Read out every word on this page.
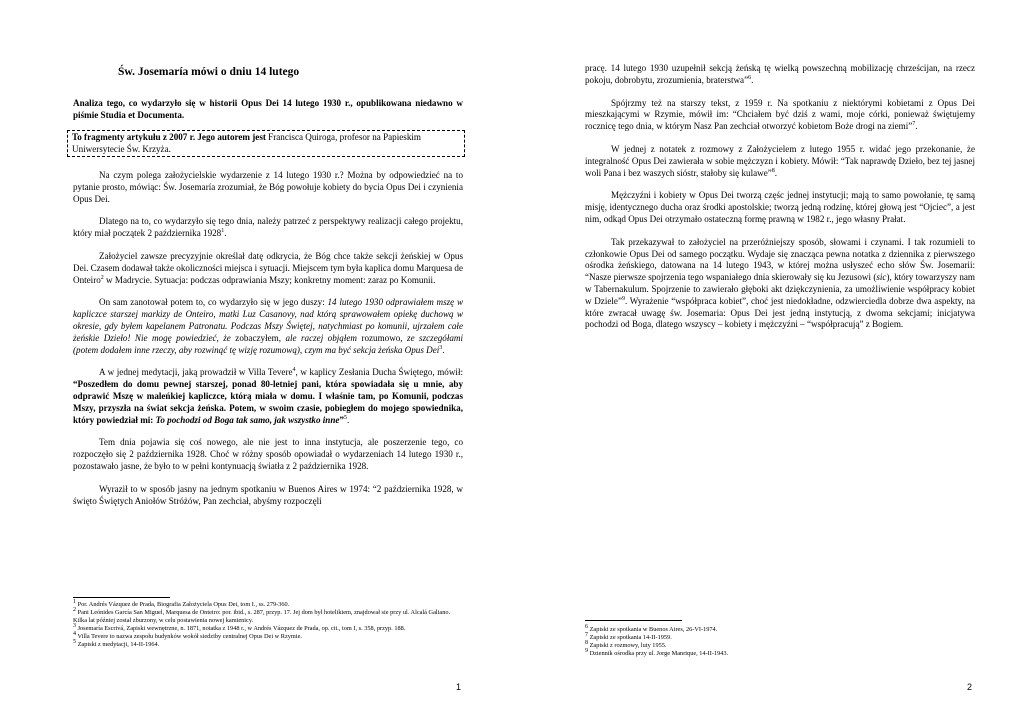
Św. Josemaría mówi o dniu 14 lutego
Analiza tego, co wydarzyło się w historii Opus Dei 14 lutego 1930 r., opublikowana niedawno w piśmie Studia et Documenta.
To fragmenty artykułu z 2007 r. Jego autorem jest Francisca Quiroga, profesor na Papieskim Uniwersytecie Św. Krzyża.

Na czym polega założycielskie wydarzenie z 14 lutego 1930 r.? Można by odpowiedzieć na to pytanie prosto, mówiąc: Św. Josemaría zrozumiał, że Bóg powołuje kobiety do bycia Opus Dei i czynienia Opus Dei.

Dlatego na to, co wydarzyło się tego dnia, należy patrzeć z perspektywy realizacji całego projektu, który miał początek 2 października 1928$^1$.

Założyciel zawsze precyzyjnie określał datę odkrycia, że Bóg chce także sekcji żeńskiej w Opus Dei. Czasem dodawał także okoliczności miejsca i sytuacji. Miejscem tym była kaplica domu Marquesa de Onteiro$^2$ w Madrycie. Sytuacja: podczas odprawiania Mszy; konkretny moment: zaraz po Komunii.

On sam zanotował potem to, co wydarzyło się w jego duszy: 14 lutego 1930 odprawiałem mszę w kapliczce starszej markizy de Onteiro, matki Luz Casanovy, nad którą sprawowałem opiekę duchową w okresie, gdy byłem kapelanem Patronatu. Podczas Mszy Świętej, natychmiast po komunii, ujrzałem całe żeńskie Dzieło! Nie mogę powiedzieć, że zobaczyłem, ale raczej objąłem rozumowo, ze szczegółami (potem dodałem inne rzeczy, aby rozwinąć tę wizję rozumową), czym ma być sekcja żeńska Opus Dei$^3$.

A w jednej medytacji, jaką prowadził w Villa Tevere$^4$, w kaplicy Zesłania Ducha Świętego, mówił: “Poszedłem do domu pewnej starszej, ponad 80-letniej pani, która spowiadała się u mnie, aby odprawić Mszę w maleńkiej kapliczce, którą miała w domu. I właśnie tam, po Komunii, podczas Mszy, przyszła na świat sekcja żeńska. Potem, w swoim czasie, pobiegłem do mojego spowiednika, który powiedział mi: To pochodzi od Boga tak samo, jak wszystko inne”$^5$.

Tem dnia pojawia się coś nowego, ale nie jest to inna instytucja, ale poszerzenie tego, co rozpoczęło się 2 października 1928. Choć w różny sposób opowiadał o wydarzeniach 14 lutego 1930 r., pozostawało jasne, że było to w pełni kontynuacją światła z 2 października 1928.

Wyraził to w sposób jasny na jednym spotkaniu w Buenos Aires w 1974: “2 października 1928, w święto Świętych Aniołów Stróżów, Pan zechciał, abyśmy rozpoczęli

$^1$ Por. Andrés Vázquez de Prada, Biografia Założyciela Opus Dei, tom I., ss. 279-360.
$^2$ Pani Leónides García San Miguel, Marquesa de Onteiro: por. ibid., s. 287, przyp. 17. Jej dom był hotelikiem, znajdował sie przy ul. Alcalá Galiano. Kilka lat później został zburzony, w celu postawienia nowej kamienicy.
$^3$ Josemaría Escrivá, Zapiski wewnętrzne, n. 1871, notatka z 1948 r., w Andrés Vázquez de Prada, op. cit., tom I, s. 358, przyp. 188.
$^4$ Villa Tevere to nazwa zespołu budynków wokół siedziby centralnej Opus Dei w Rzymie.
$^5$ Zapiski z medytacji, 14-II-1964.
1

pracę. 14 lutego 1930 uzupełnił sekcją żeńską tę wielką powszechną mobilizację chrześcijan, na rzecz pokoju, dobrobytu, zrozumienia, braterstwa”$^6$.

Spójrzmy też na starszy tekst, z 1959 r. Na spotkaniu z niektórymi kobietami z Opus Dei mieszkającymi w Rzymie, mówił im: “Chciałem być dziś z wami, moje córki, ponieważ świętujemy rocznicę tego dnia, w którym Nasz Pan zechciał otworzyć kobietom Boże drogi na ziemi”$^7$.

W jednej z notatek z rozmowy z Założycielem z lutego 1955 r. widać jego przekonanie, że integralność Opus Dei zawierała w sobie mężczyzn i kobiety. Mówił: “Tak naprawdę Dzieło, bez tej jasnej woli Pana i bez waszych sióstr, stałoby się kulawe”$^8$.

Mężczyźni i kobiety w Opus Dei tworzą częśc jednej instytucji; mają to samo powołanie, tę samą misję, identycznego ducha oraz środki apostolskie; tworzą jedną rodzinę, której głową jest “Ojciec”, a jest nim, odkąd Opus Dei otrzymało ostateczną formę prawną w 1982 r., jego własny Prałat.

Tak przekazywał to założyciel na przeróżniejszy sposób, słowami i czynami. I tak rozumieli to członkowie Opus Dei od samego początku. Wydaje się znacząca pewna notatka z dziennika z pierwszego ośrodka żeńskiego, datowana na 14 lutego 1943, w której można usłyszeć echo słów Św. Josemarii: “Nasze pierwsze spojrzenia tego wspaniałego dnia skierowały się ku Jezusowi (sic), który towarzyszy nam w Tabernakulum. Spojrzenie to zawierało głęboki akt dziękczynienia, za umożliwienie współpracy kobiet w Dziele”$^9$. Wyrażenie “współpraca kobiet”, choć jest niedokładne, odzwierciedla dobrze dwa aspekty, na które zwracał uwagę św. Josemaria: Opus Dei jest jedną instytucją, z dwoma sekcjami; inicjatywa pochodzi od Boga, dlatego wszyscy – kobiety i mężczyźni – “współpracują” z Bogiem.

$^6$ Zapiski ze spotkania w Buenos Aires, 26-VI-1974.
$^7$ Zapiski ze spotkania 14-II-1959.
$^8$ Zapiski z rozmowy, luty 1955.
$^9$ Dziennik ośrodka przy ul. Jorge Manrique, 14-II-1943.
2
